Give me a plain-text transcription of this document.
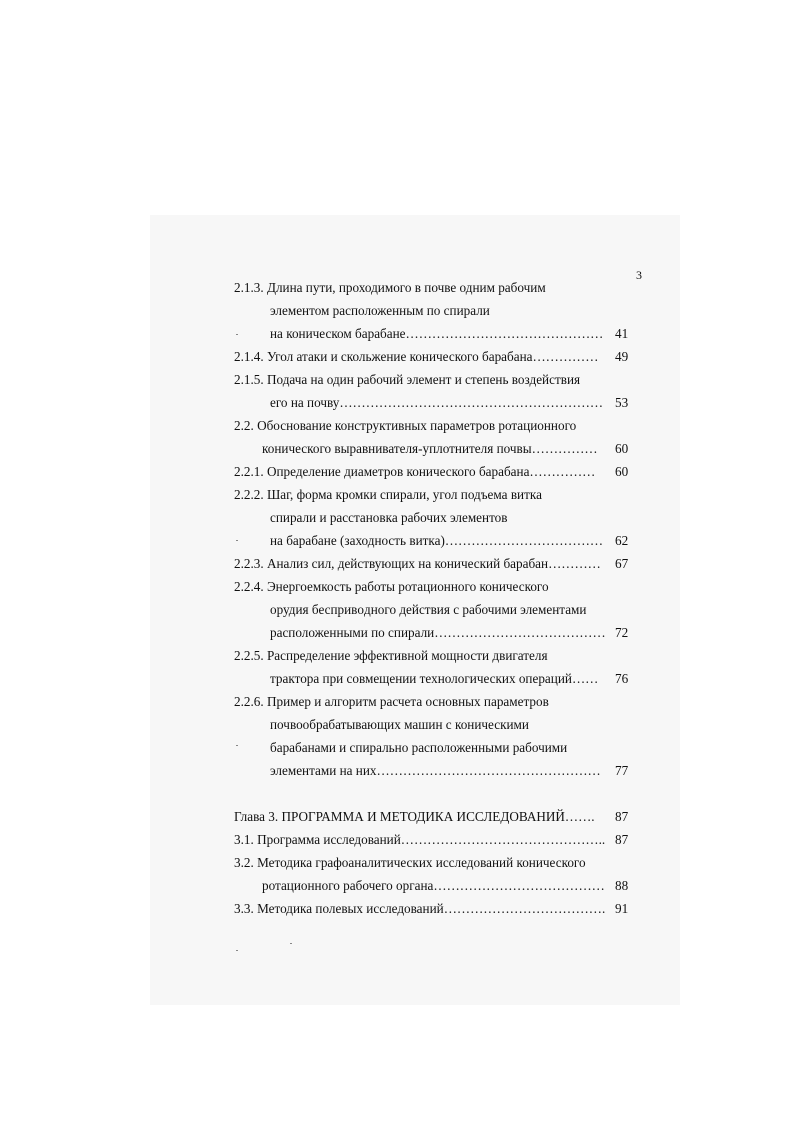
3
2.1.3. Длина пути, проходимого в почве одним рабочим
элементом расположенным по спирали
на коническом барабане……………………………………… 41
2.1.4. Угол атаки и скольжение конического барабана…………… 49
2.1.5. Подача на один рабочий элемент и степень воздействия
его на почву…………………………………………………… 53
2.2. Обоснование конструктивных параметров ротационного
конического выравнивателя-уплотнителя почвы…………… 60
2.2.1. Определение диаметров конического барабана…………… 60
2.2.2. Шаг, форма кромки спирали, угол подъема витка
спирали и расстановка рабочих элементов
на барабане (заходность витка)……………………………… 62
2.2.3. Анализ сил, действующих на конический барабан………… 67
2.2.4. Энергоемкость работы ротационного конического
орудия беспривoдного действия с рабочими элементами
расположенными по спирали………………………………… 72
2.2.5. Распределение эффективной мощности двигателя
трактора при совмещении технологических операций…… 76
2.2.6. Пример и алгоритм расчета основных параметров
почвообрабатывающих машин с коническими
барабанами и спирально расположенными рабочими
элементами на них…………………………………………… 77
Глава 3. ПРОГРАММА И МЕТОДИКА ИССЛЕДОВАНИЙ……. 87
3.1. Программа исследований……………………………………….. 87
3.2. Методика графоаналитических исследований конического
ротационного рабочего органа………………………………… 88
3.3. Методика полевых исследований………………………………. 91
